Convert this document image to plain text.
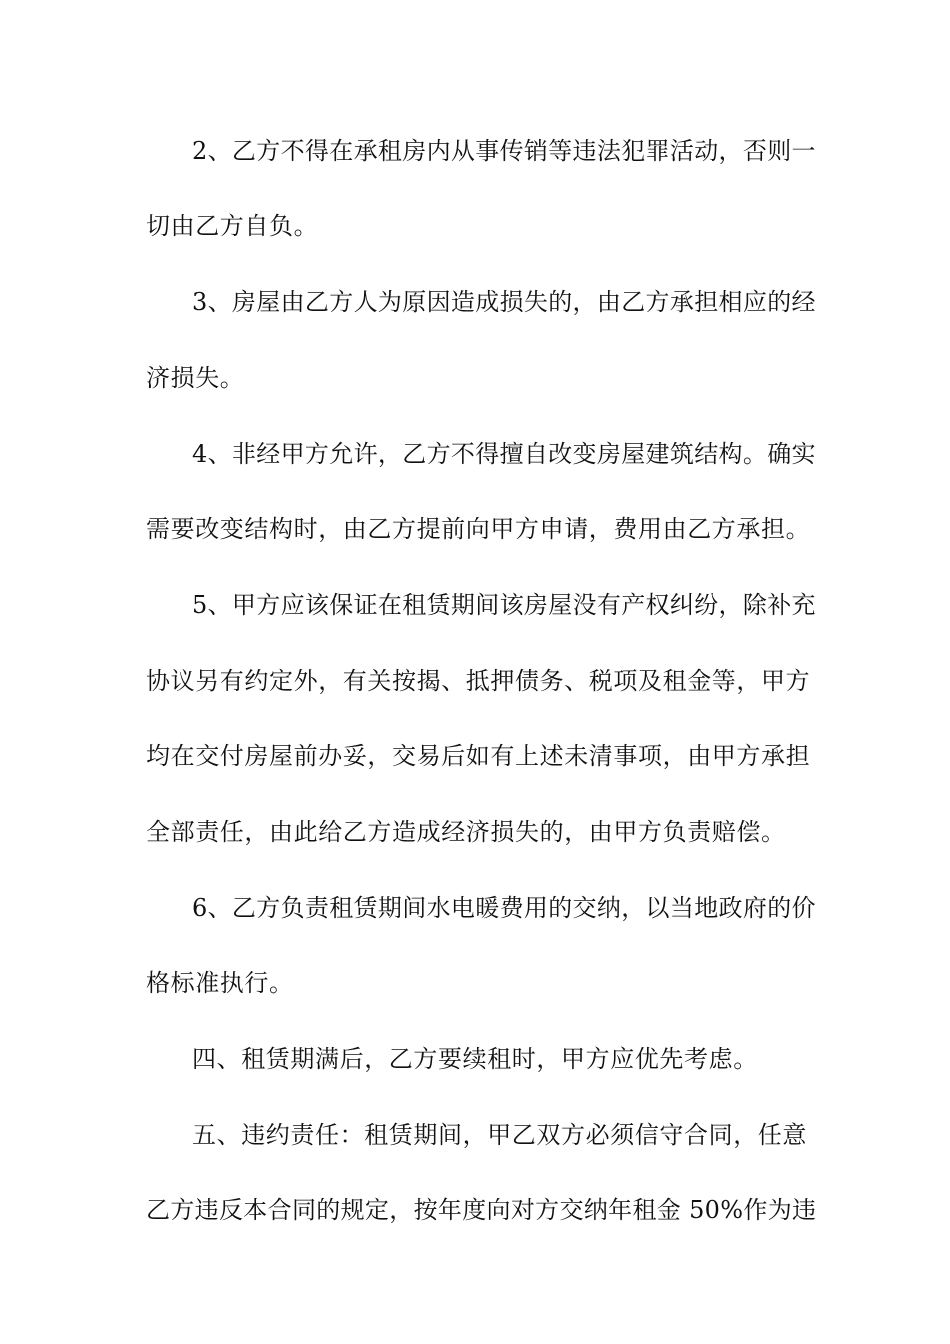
2、乙方不得在承租房内从事传销等违法犯罪活动，否则一
切由乙方自负。
3、房屋由乙方人为原因造成损失的，由乙方承担相应的经
济损失。
4、非经甲方允许，乙方不得擅自改变房屋建筑结构。确实
需要改变结构时，由乙方提前向甲方申请，费用由乙方承担。
5、甲方应该保证在租赁期间该房屋没有产权纠纷，除补充
协议另有约定外，有关按揭、抵押债务、税项及租金等，甲方
均在交付房屋前办妥，交易后如有上述未清事项，由甲方承担
全部责任，由此给乙方造成经济损失的，由甲方负责赔偿。
6、乙方负责租赁期间水电暖费用的交纳，以当地政府的价
格标准执行。
四、租赁期满后，乙方要续租时，甲方应优先考虑。
五、违约责任：租赁期间，甲乙双方必须信守合同，任意
乙方违反本合同的规定，按年度向对方交纳年租金 50%作为违
